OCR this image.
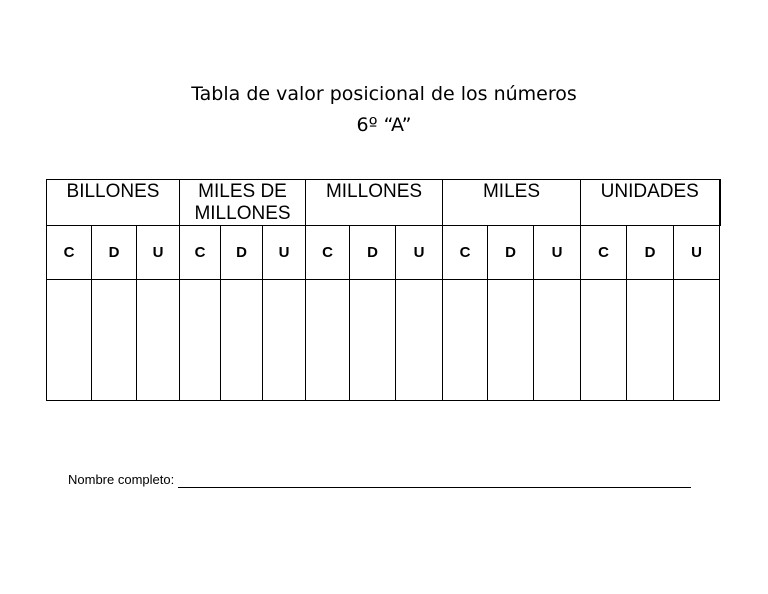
Tabla de valor posicional de los números
6º “A”
BILLONES			MILES DE MILLONES			MILLONES			MILES			UNIDADES		
C	D	U	C	D	U	C	D	U	C	D	U	C	D	U

Nombre completo:
